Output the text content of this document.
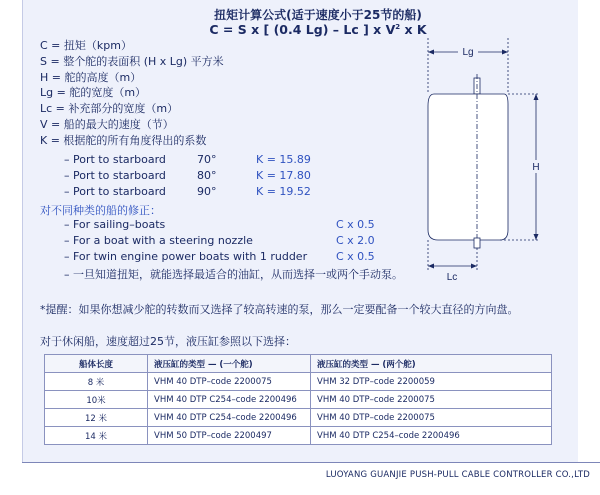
扭矩计算公式(适于速度小于25节的船)
C = S x [ (0.4 Lg) – Lc ] x $V^2$ x K
C = 扭矩（kpm）
S = 整个舵的表面积 (H x Lg) 平方米
H = 舵的高度（m）
Lg = 舵的宽度（m）
Lc = 补充部分的宽度（m）
V = 船的最大的速度（节）
K = 根据舵的所有角度得出的系数
– Port to starboard	70°	K = 15.89
– Port to starboard	80°	K = 17.80
– Port to starboard	90°	K = 19.52
对不同种类的船的修正：
– For sailing–boats	C x 0.5
– For a boat with a steering nozzle	C x 2.0
– For twin engine power boats with 1 rudder	C x 0.5
– 一旦知道扭矩，就能选择最适合的油缸，从而选择一或两个手动泵。
*提醒：如果你想减少舵的转数而又选择了较高转速的泵，那么一定要配备一个较大直径的方向盘。
对于休闲船，速度超过25节，液压缸参照以下选择：
船体长度	液压缸的类型 — (一个舵)	液压缸的类型 — (两个舵)
8 米	VHM 40 DTP–code 2200075	VHM 32 DTP–code 2200059
10米	VHM 40 DTP C254–code 2200496	VHM 40 DTP–code 2200075
12 米	VHM 40 DTP C254–code 2200496	VHM 40 DTP–code 2200075
14 米	VHM 50 DTP–code 2200497	VHM 40 DTP C254–code 2200496
Lg
H
Lc
LUOYANG GUANJIE PUSH-PULL CABLE CONTROLLER CO.,LTD
